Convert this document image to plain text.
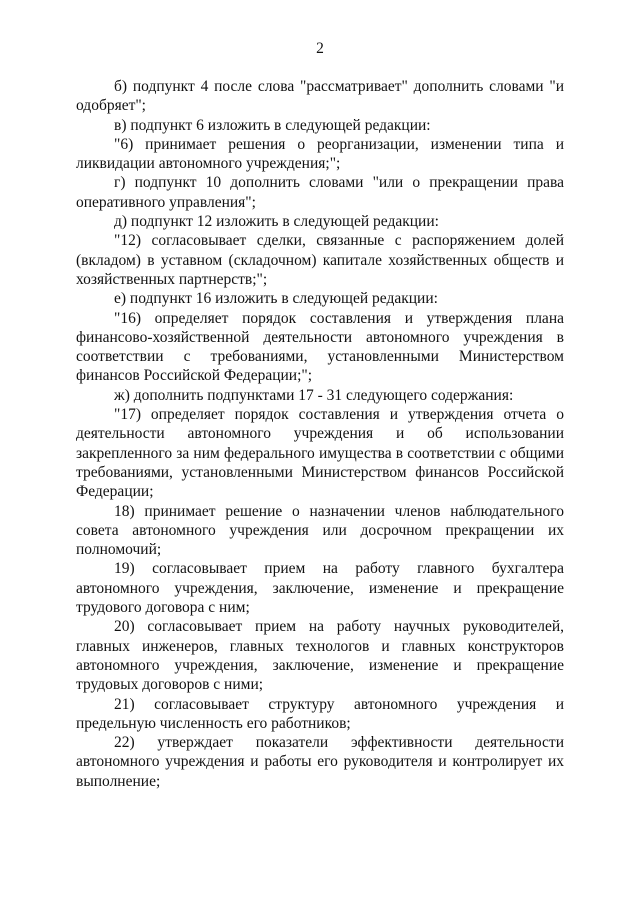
2

б) подпункт 4 после слова "рассматривает" дополнить словами "и одобряет";

в) подпункт 6 изложить в следующей редакции:

"6) принимает решения о реорганизации, изменении типа и ликвидации автономного учреждения;";

г) подпункт 10 дополнить словами "или о прекращении права оперативного управления";

д) подпункт 12 изложить в следующей редакции:

"12) согласовывает сделки, связанные с распоряжением долей (вкладом) в уставном (складочном) капитале хозяйственных обществ и хозяйственных партнерств;";

е) подпункт 16 изложить в следующей редакции:

"16) определяет порядок составления и утверждения плана финансово-хозяйственной деятельности автономного учреждения в соответствии с требованиями, установленными Министерством финансов Российской Федерации;";

ж) дополнить подпунктами 17 - 31 следующего содержания:

"17) определяет порядок составления и утверждения отчета о деятельности автономного учреждения и об использовании закрепленного за ним федерального имущества в соответствии с общими требованиями, установленными Министерством финансов Российской Федерации;

18) принимает решение о назначении членов наблюдательного совета автономного учреждения или досрочном прекращении их полномочий;

19) согласовывает прием на работу главного бухгалтера автономного учреждения, заключение, изменение и прекращение трудового договора с ним;

20) согласовывает прием на работу научных руководителей, главных инженеров, главных технологов и главных конструкторов автономного учреждения, заключение, изменение и прекращение трудовых договоров с ними;

21) согласовывает структуру автономного учреждения и предельную численность его работников;

22) утверждает показатели эффективности деятельности автономного учреждения и работы его руководителя и контролирует их выполнение;
